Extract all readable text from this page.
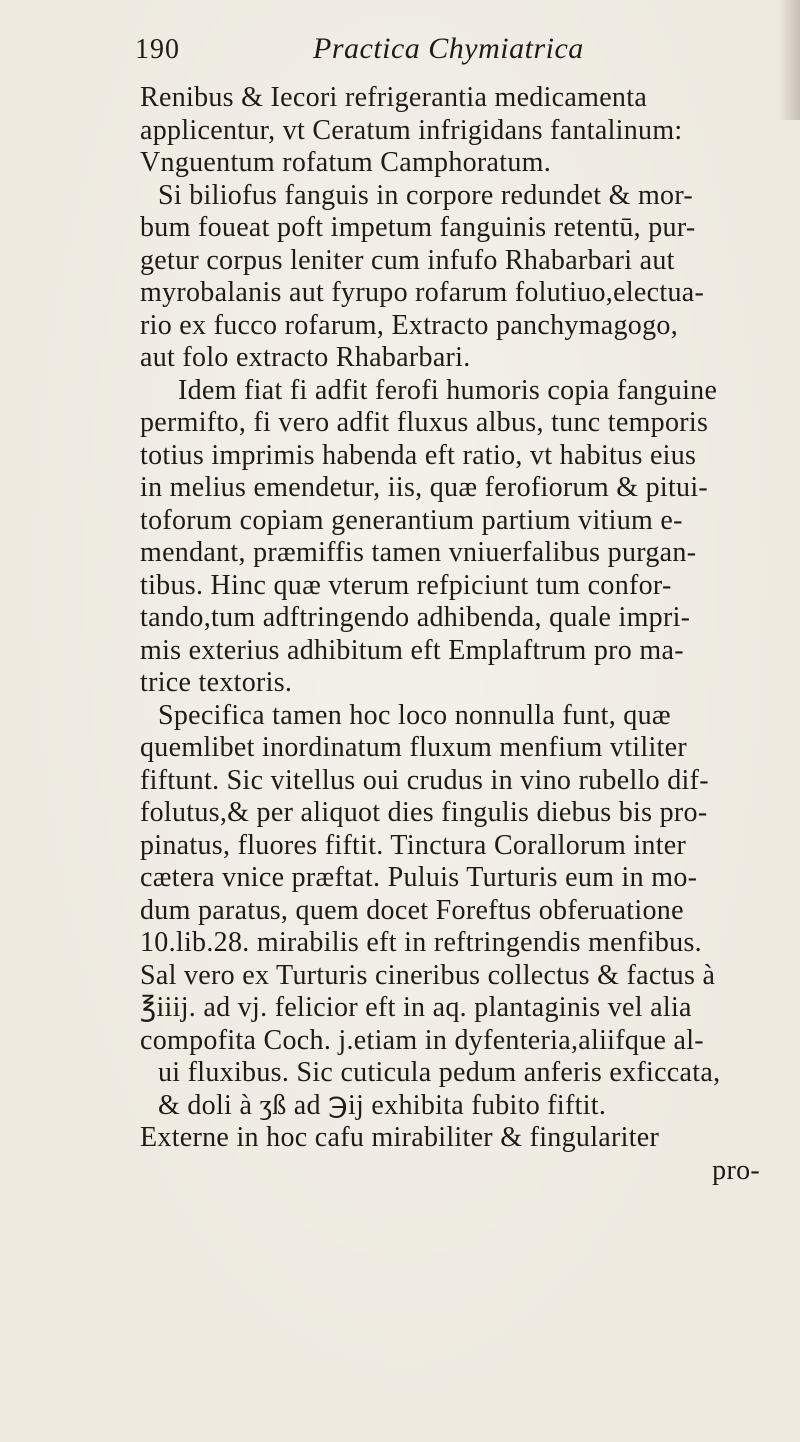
190	Practica Chymiatrica
Renibus & Iecori refrigerantia medicamenta
applicentur, vt Ceratum infrigidans fantalinum:
Vnguentum rofatum Camphoratum.
Si biliofus fanguis in corpore redundet & mor-
bum foueat poft impetum fanguinis retentū, pur-
getur corpus leniter cum infufo Rhabarbari aut
myrobalanis aut fyrupo rofarum folutiuo,electua-
rio ex fucco rofarum, Extracto panchymagogo,
aut folo extracto Rhabarbari.
Idem fiat fi adfit ferofi humoris copia fanguine
permifto, fi vero adfit fluxus albus, tunc temporis
totius imprimis habenda eft ratio, vt habitus eius
in melius emendetur, iis, quæ ferofiorum & pitui-
toforum copiam generantium partium vitium e-
mendant, præmiffis tamen vniuerfalibus purgan-
tibus. Hinc quæ vterum refpiciunt tum confor-
tando,tum adftringendo adhibenda, quale impri-
mis exterius adhibitum eft Emplaftrum pro ma-
trice textoris.
Specifica tamen hoc loco nonnulla funt, quæ
quemlibet inordinatum fluxum menfium vtiliter
fiftunt. Sic vitellus oui crudus in vino rubello dif-
folutus,& per aliquot dies fingulis diebus bis pro-
pinatus, fluores fiftit. Tinctura Corallorum inter
cætera vnice præftat. Puluis Turturis eum in mo-
dum paratus, quem docet Foreftus obferuatione
10.lib.28. mirabilis eft in reftringendis menfibus.
Sal vero ex Turturis cineribus collectus & factus à
℥iiij. ad vj. felicior eft in aq. plantaginis vel alia
compofita Coch. j.etiam in dyfenteria,aliifque al-
ui fluxibus. Sic cuticula pedum anferis exficcata,
& doli à ʒß ad ℈ij exhibita fubito fiftit.
Externe in hoc cafu mirabiliter & fingulariter
pro-
